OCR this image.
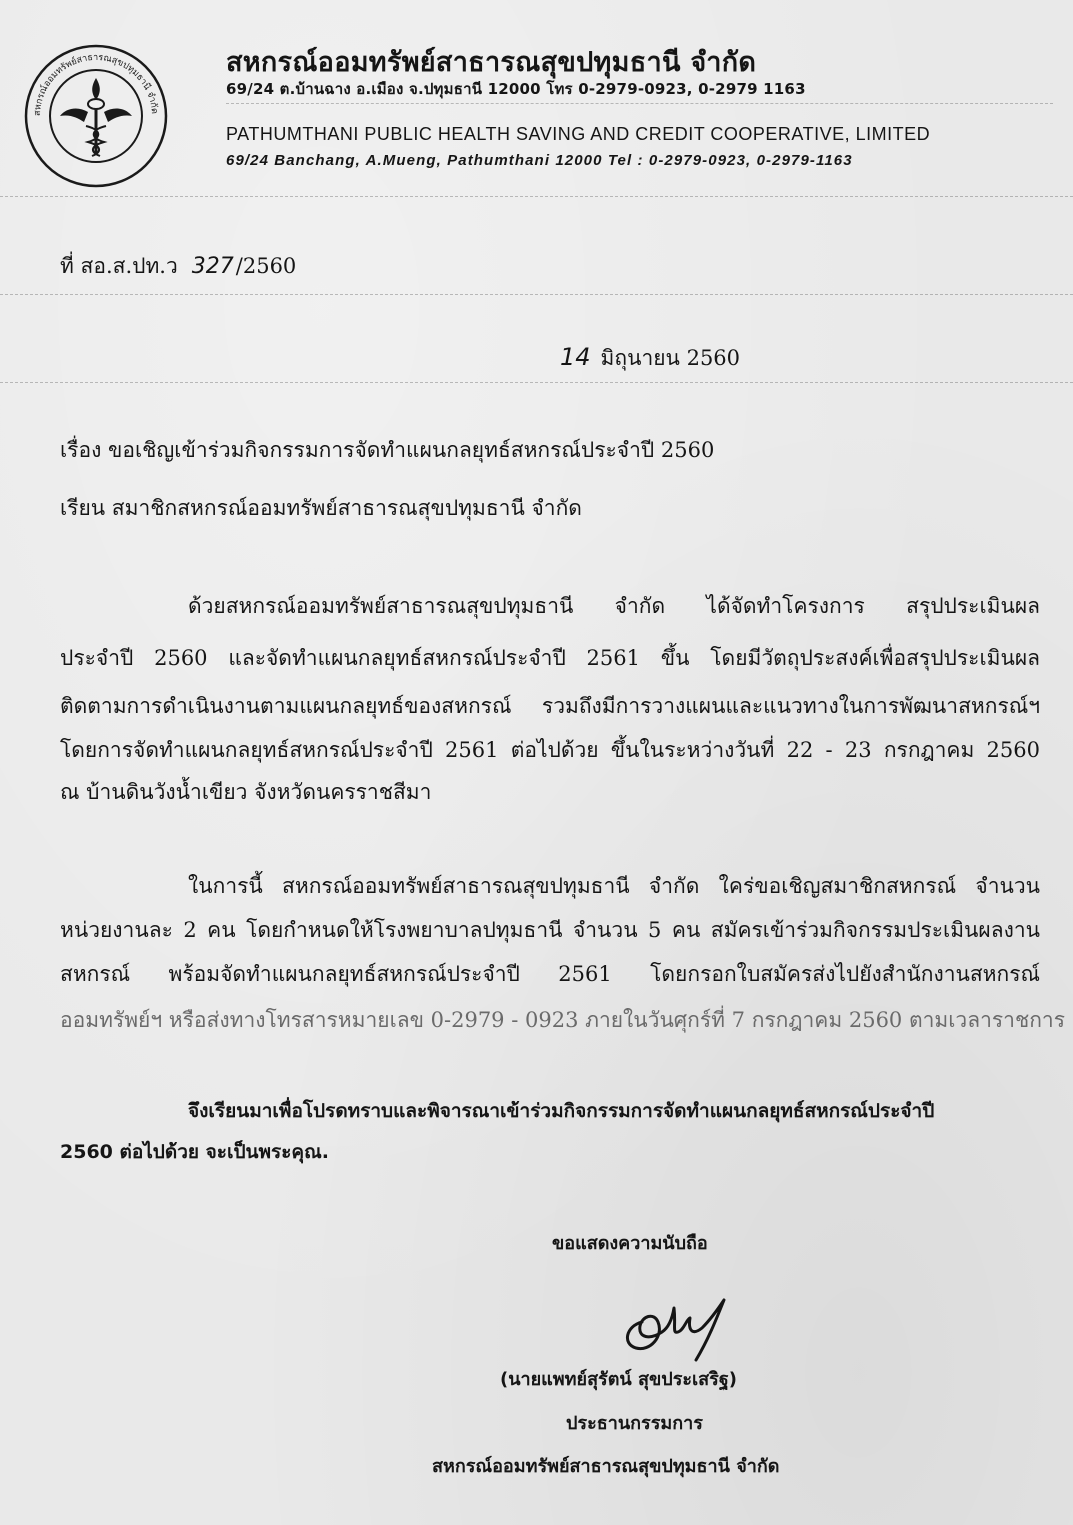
สหกรณ์ออมทรัพย์สาธารณสุขปทุมธานี จำกัด
สหกรณ์ออมทรัพย์สาธารณสุขปทุมธานี จำกัด
69/24 ต.บ้านฉาง อ.เมือง จ.ปทุมธานี 12000 โทร 0-2979-0923, 0-2979 1163
PATHUMTHANI PUBLIC HEALTH SAVING AND CREDIT COOPERATIVE, LIMITED
69/24 Banchang, A.Mueng, Pathumthani 12000 Tel : 0-2979-0923, 0-2979-1163
ที่ สอ.ส.ปท.ว 327/2560
14 มิถุนายน 2560
เรื่อง ขอเชิญเข้าร่วมกิจกรรมการจัดทำแผนกลยุทธ์สหกรณ์ประจำปี 2560
เรียน สมาชิกสหกรณ์ออมทรัพย์สาธารณสุขปทุมธานี จำกัด
ด้วยสหกรณ์ออมทรัพย์สาธารณสุขปทุมธานี จำกัด ได้จัดทำโครงการ สรุปประเมินผล
ประจำปี 2560 และจัดทำแผนกลยุทธ์สหกรณ์ประจำปี 2561 ขึ้น โดยมีวัตถุประสงค์เพื่อสรุปประเมินผล
ติดตามการดำเนินงานตามแผนกลยุทธ์ของสหกรณ์ รวมถึงมีการวางแผนและแนวทางในการพัฒนาสหกรณ์ฯ
โดยการจัดทำแผนกลยุทธ์สหกรณ์ประจำปี 2561 ต่อไปด้วย ขึ้นในระหว่างวันที่ 22 - 23 กรกฎาคม 2560
ณ บ้านดินวังน้ำเขียว จังหวัดนครราชสีมา
ในการนี้ สหกรณ์ออมทรัพย์สาธารณสุขปทุมธานี จำกัด ใคร่ขอเชิญสมาชิกสหกรณ์ จำนวน
หน่วยงานละ 2 คน โดยกำหนดให้โรงพยาบาลปทุมธานี จำนวน 5 คน สมัครเข้าร่วมกิจกรรมประเมินผลงาน
สหกรณ์ พร้อมจัดทำแผนกลยุทธ์สหกรณ์ประจำปี 2561 โดยกรอกใบสมัครส่งไปยังสำนักงานสหกรณ์
ออมทรัพย์ฯ หรือส่งทางโทรสารหมายเลข 0-2979 - 0923 ภายในวันศุกร์ที่ 7 กรกฎาคม 2560 ตามเวลาราชการ
จึงเรียนมาเพื่อโปรดทราบและพิจารณาเข้าร่วมกิจกรรมการจัดทำแผนกลยุทธ์สหกรณ์ประจำปี
2560 ต่อไปด้วย จะเป็นพระคุณ.
ขอแสดงความนับถือ
(นายแพทย์สุรัตน์ สุขประเสริฐ)
ประธานกรรมการ
สหกรณ์ออมทรัพย์สาธารณสุขปทุมธานี จำกัด
